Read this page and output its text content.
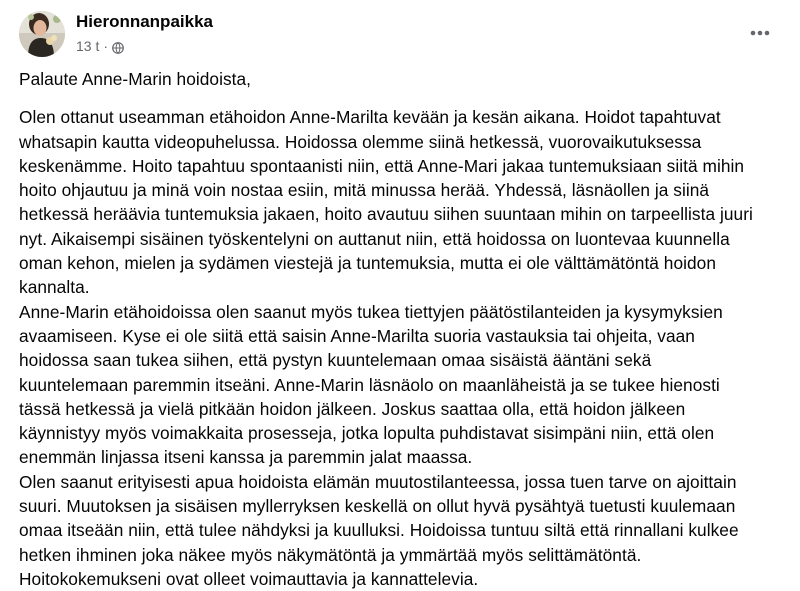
Hieronnanpaikka
13 t ·
Palaute Anne-Marin hoidoista,
Olen ottanut useamman etähoidon Anne-Marilta kevään ja kesän aikana. Hoidot tapahtuvat
whatsapin kautta videopuhelussa. Hoidossa olemme siinä hetkessä, vuorovaikutuksessa
keskenämme. Hoito tapahtuu spontaanisti niin, että Anne-Mari jakaa tuntemuksiaan siitä mihin
hoito ohjautuu ja minä voin nostaa esiin, mitä minussa herää. Yhdessä, läsnäollen ja siinä
hetkessä heräävia tuntemuksia jakaen, hoito avautuu siihen suuntaan mihin on tarpeellista juuri
nyt. Aikaisempi sisäinen työskentelyni on auttanut niin, että hoidossa on luontevaa kuunnella
oman kehon, mielen ja sydämen viestejä ja tuntemuksia, mutta ei ole välttämätöntä hoidon
kannalta.
Anne-Marin etähoidoissa olen saanut myös tukea tiettyjen päätöstilanteiden ja kysymyksien
avaamiseen. Kyse ei ole siitä että saisin Anne-Marilta suoria vastauksia tai ohjeita, vaan
hoidossa saan tukea siihen, että pystyn kuuntelemaan omaa sisäistä ääntäni sekä
kuuntelemaan paremmin itseäni. Anne-Marin läsnäolo on maanläheistä ja se tukee hienosti
tässä hetkessä ja vielä pitkään hoidon jälkeen. Joskus saattaa olla, että hoidon jälkeen
käynnistyy myös voimakkaita prosesseja, jotka lopulta puhdistavat sisimpäni niin, että olen
enemmän linjassa itseni kanssa ja paremmin jalat maassa.
Olen saanut erityisesti apua hoidoista elämän muutostilanteessa, jossa tuen tarve on ajoittain
suuri. Muutoksen ja sisäisen myllerryksen keskellä on ollut hyvä pysähtyä tuetusti kuulemaan
omaa itseään niin, että tulee nähdyksi ja kuulluksi. Hoidoissa tuntuu siltä että rinnallani kulkee
hetken ihminen joka näkee myös näkymätöntä ja ymmärtää myös selittämätöntä.
Hoitokokemukseni ovat olleet voimauttavia ja kannattelevia.
